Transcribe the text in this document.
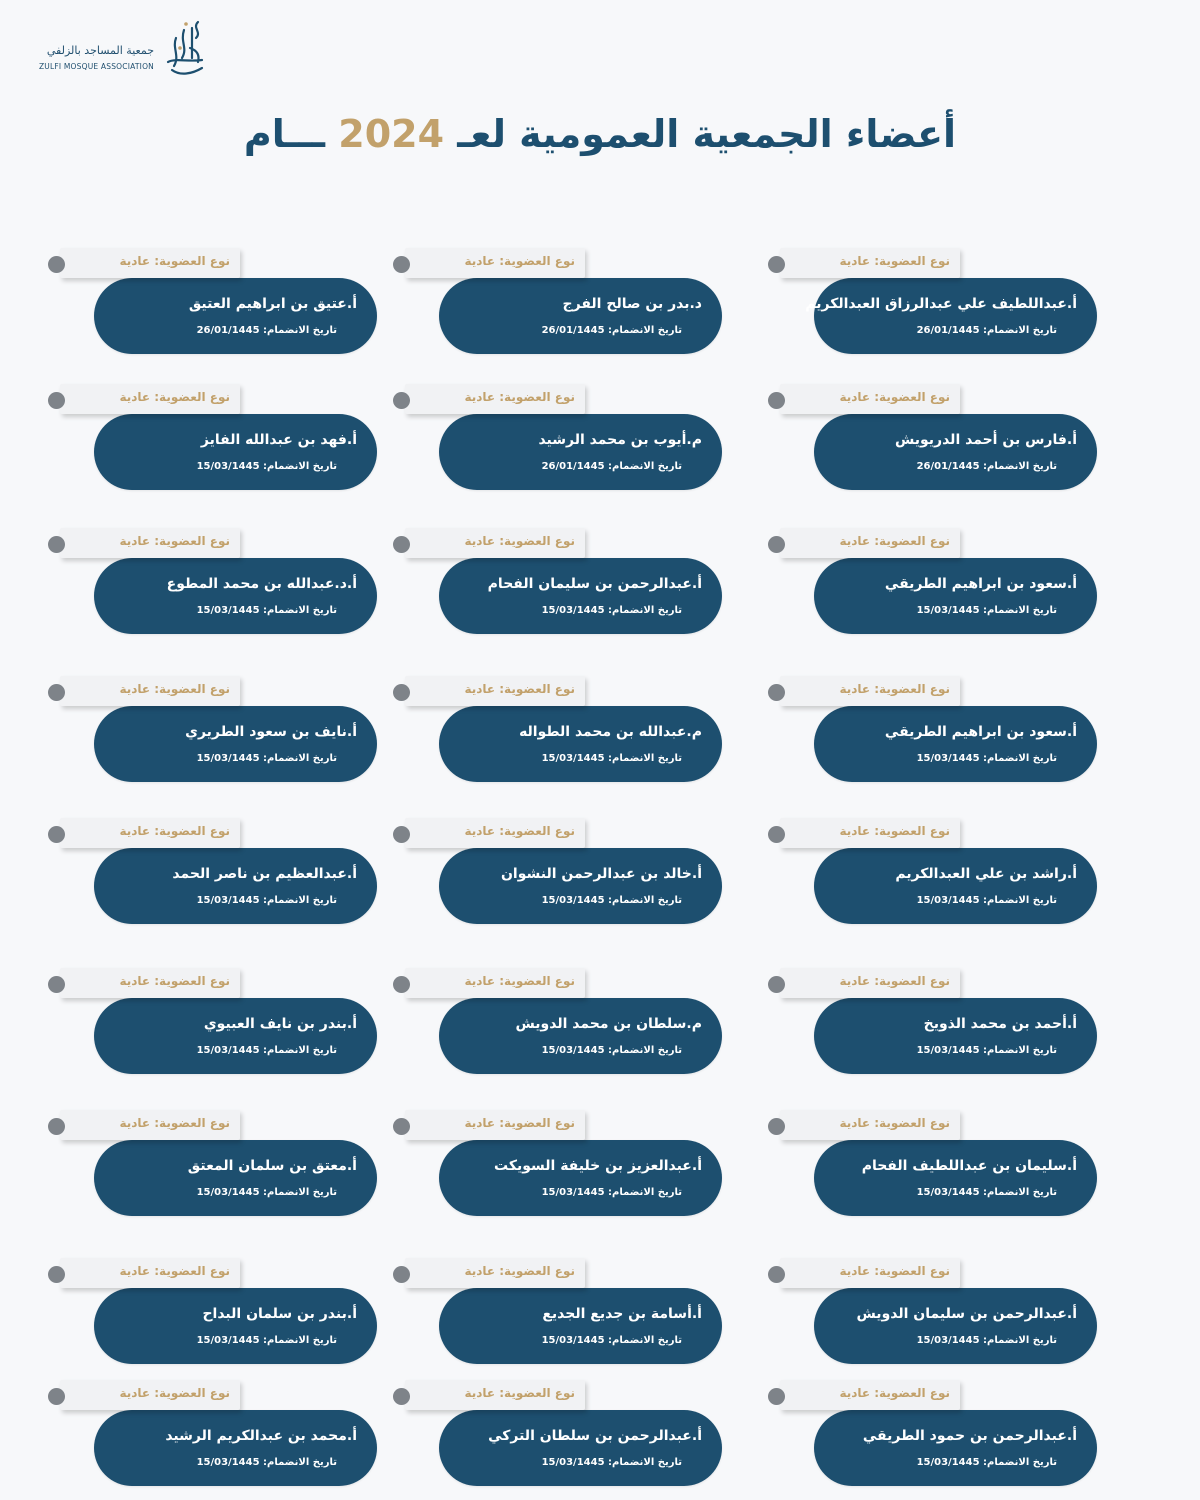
جمعية المساجد بالزلفي
ZULFI MOSQUE ASSOCIATION
أعضاء الجمعية العمومية لعـ 2024 ـــام
أ.عبداللطيف علي عبدالرزاق العبدالكريم
تاريخ الانضمام: 26/01/1445
نوع العضوية: عادية
د.بدر بن صالح الفرج
تاريخ الانضمام: 26/01/1445
نوع العضوية: عادية
أ.عتيق بن ابراهيم العتيق
تاريخ الانضمام: 26/01/1445
نوع العضوية: عادية
أ.فارس بن أحمد الدريويش
تاريخ الانضمام: 26/01/1445
نوع العضوية: عادية
م.أيوب بن محمد الرشيد
تاريخ الانضمام: 26/01/1445
نوع العضوية: عادية
أ.فهد بن عبدالله الفايز
تاريخ الانضمام: 15/03/1445
نوع العضوية: عادية
أ.سعود بن ابراهيم الطريقي
تاريخ الانضمام: 15/03/1445
نوع العضوية: عادية
أ.عبدالرحمن بن سليمان الفحام
تاريخ الانضمام: 15/03/1445
نوع العضوية: عادية
أ.د.عبدالله بن محمد المطوع
تاريخ الانضمام: 15/03/1445
نوع العضوية: عادية
أ.سعود بن ابراهيم الطريقي
تاريخ الانضمام: 15/03/1445
نوع العضوية: عادية
م.عبدالله بن محمد الطواله
تاريخ الانضمام: 15/03/1445
نوع العضوية: عادية
أ.نايف بن سعود الطريري
تاريخ الانضمام: 15/03/1445
نوع العضوية: عادية
أ.راشد بن علي العبدالكريم
تاريخ الانضمام: 15/03/1445
نوع العضوية: عادية
أ.خالد بن عبدالرحمن النشوان
تاريخ الانضمام: 15/03/1445
نوع العضوية: عادية
أ.عبدالعظيم بن ناصر الحمد
تاريخ الانضمام: 15/03/1445
نوع العضوية: عادية
أ.أحمد بن محمد الذويخ
تاريخ الانضمام: 15/03/1445
نوع العضوية: عادية
م.سلطان بن محمد الدويش
تاريخ الانضمام: 15/03/1445
نوع العضوية: عادية
أ.بندر بن نايف العبيوي
تاريخ الانضمام: 15/03/1445
نوع العضوية: عادية
أ.سليمان بن عبداللطيف الفحام
تاريخ الانضمام: 15/03/1445
نوع العضوية: عادية
أ.عبدالعزيز بن خليفة السويكت
تاريخ الانضمام: 15/03/1445
نوع العضوية: عادية
أ.معتق بن سلمان المعتق
تاريخ الانضمام: 15/03/1445
نوع العضوية: عادية
أ.عبدالرحمن بن سليمان الدويش
تاريخ الانضمام: 15/03/1445
نوع العضوية: عادية
أ.أسامة بن جديع الجديع
تاريخ الانضمام: 15/03/1445
نوع العضوية: عادية
أ.بندر بن سلمان البداح
تاريخ الانضمام: 15/03/1445
نوع العضوية: عادية
أ.عبدالرحمن بن حمود الطريقي
تاريخ الانضمام: 15/03/1445
نوع العضوية: عادية
أ.عبدالرحمن بن سلطان التركي
تاريخ الانضمام: 15/03/1445
نوع العضوية: عادية
أ.محمد بن عبدالكريم الرشيد
تاريخ الانضمام: 15/03/1445
نوع العضوية: عادية
